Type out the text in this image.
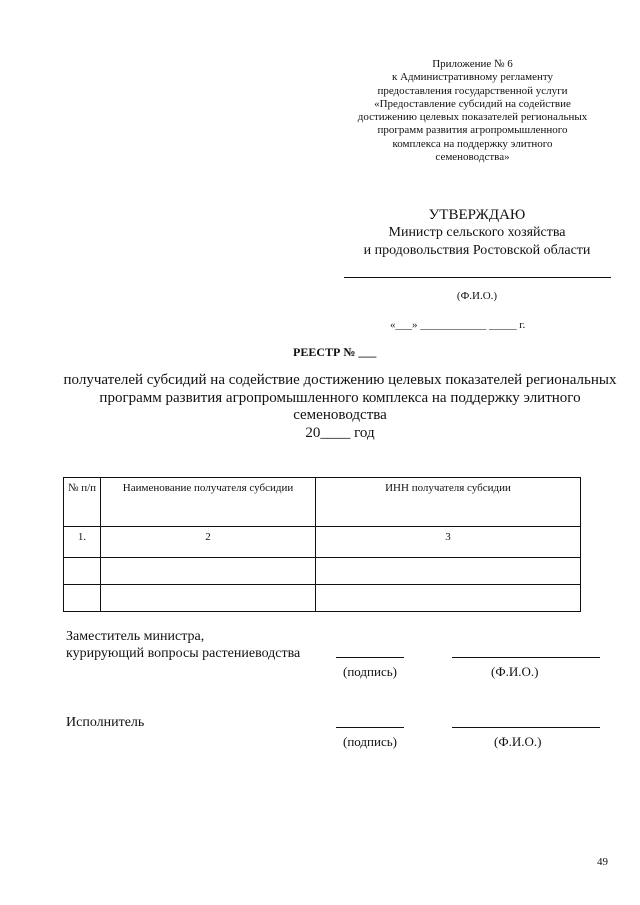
Приложение № 6
к Административному регламенту
предоставления государственной услуги
«Предоставление субсидий на содействие
достижению целевых показателей региональных
программ развития агропромышленного
комплекса на поддержку элитного
семеноводства»
УТВЕРЖДАЮ
Министр сельского хозяйства
и продовольствия Ростовской области
(Ф.И.О.)
«___» ____________ _____ г.
РЕЕСТР № ___
получателей субсидий на содействие достижению целевых показателей региональных программ развития агропромышленного комплекса на поддержку элитного семеноводства
20____ год
№ п/п	Наименование получателя субсидии	ИНН получателя субсидии
1.	2	3

Заместитель министра,
курирующий вопросы растениеводства
(подпись)	(Ф.И.О.)
Исполнитель
(подпись)	(Ф.И.О.)
49
